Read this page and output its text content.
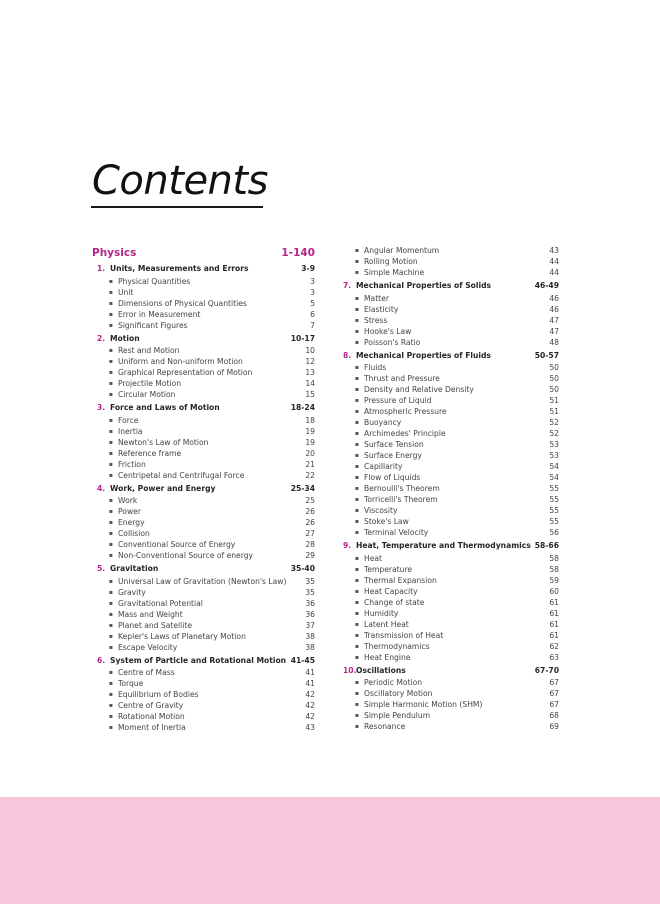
Contents
Physics	1-140
1. Units, Measurements and Errors	3-9
▪ Physical Quantities	3
▪ Unit	3
▪ Dimensions of Physical Quantities	5
▪ Error in Measurement	6
▪ Significant Figures	7
2. Motion	10-17
▪ Rest and Motion	10
▪ Uniform and Non-uniform Motion	12
▪ Graphical Representation of Motion	13
▪ Projectile Motion	14
▪ Circular Motion	15
3. Force and Laws of Motion	18-24
▪ Force	18
▪ Inertia	19
▪ Newton's Law of Motion	19
▪ Reference frame	20
▪ Friction	21
▪ Centripetal and Centrifugal Force	22
4. Work, Power and Energy	25-34
▪ Work	25
▪ Power	26
▪ Energy	26
▪ Collision	27
▪ Conventional Source of Energy	28
▪ Non-Conventional Source of energy	29
5. Gravitation	35-40
▪ Universal Law of Gravitation (Newton's Law)	35
▪ Gravity	35
▪ Gravitational Potential	36
▪ Mass and Weight	36
▪ Planet and Satellite	37
▪ Kepler's Laws of Planetary Motion	38
▪ Escape Velocity	38
6. System of Particle and Rotational Motion 41-45
▪ Centre of Mass	41
▪ Torque	41
▪ Equilibrium of Bodies	42
▪ Centre of Gravity	42
▪ Rotational Motion	42
▪ Moment of Inertia	43
▪ Angular Momentum	43
▪ Rolling Motion	44
▪ Simple Machine	44
7. Mechanical Properties of Solids	46-49
▪ Matter	46
▪ Elasticity	46
▪ Stress	47
▪ Hooke's Law	47
▪ Poisson's Ratio	48
8. Mechanical Properties of Fluids	50-57
▪ Fluids	50
▪ Thrust and Pressure	50
▪ Density and Relative Density	50
▪ Pressure of Liquid	51
▪ Atmospheric Pressure	51
▪ Buoyancy	52
▪ Archimedes' Principle	52
▪ Surface Tension	53
▪ Surface Energy	53
▪ Capillarity	54
▪ Flow of Liquids	54
▪ Bernoulli's Theorem	55
▪ Torricelli's Theorem	55
▪ Viscosity	55
▪ Stoke's Law	55
▪ Terminal Velocity	56
9. Heat, Temperature and Thermodynamics 58-66
▪ Heat	58
▪ Temperature	58
▪ Thermal Expansion	59
▪ Heat Capacity	60
▪ Change of state	61
▪ Humidity	61
▪ Latent Heat	61
▪ Transmission of Heat	61
▪ Thermodynamics	62
▪ Heat Engine	63
10. Oscillations	67-70
▪ Periodic Motion	67
▪ Oscillatory Motion	67
▪ Simple Harmonic Motion (SHM)	67
▪ Simple Pendulum	68
▪ Resonance	69
